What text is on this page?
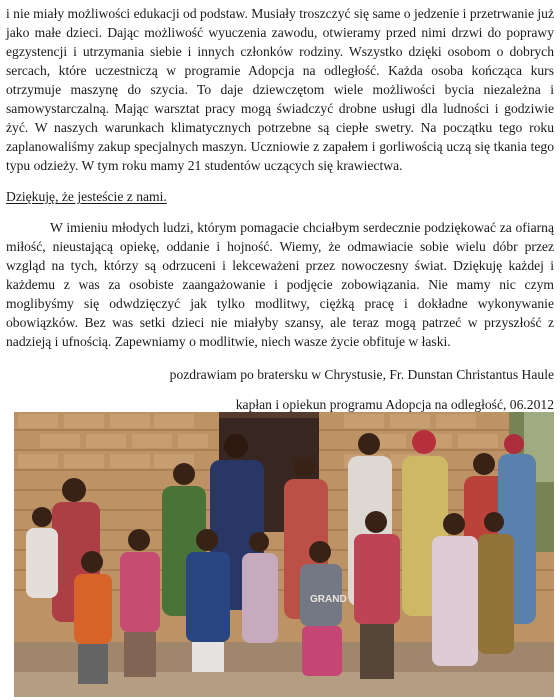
i nie miały możliwości edukacji od podstaw. Musiały troszczyć się same o jedzenie i przetrwanie już jako małe dzieci. Dając możliwość wyuczenia zawodu, otwieramy przed nimi drzwi do poprawy egzystencji i utrzymania siebie i innych członków rodziny. Wszystko dzięki osobom o dobrych sercach, które uczestniczą w programie Adopcja na odległość. Każda osoba kończąca kurs otrzymuje maszynę do szycia. To daje dziewczętom wiele możliwości bycia niezależna i samowystarczalną. Mając warsztat pracy mogą świadczyć drobne usługi dla ludności i godziwie żyć. W naszych warunkach klimatycznych potrzebne są ciepłe swetry. Na początku tego roku zaplanowaliśmy zakup specjalnych maszyn. Uczniowie z zapałem i gorliwością uczą się tkania tego typu odzieży. W tym roku mamy 21 studentów uczących się krawiectwa.

Dziękuję, że jesteście z nami.

W imieniu młodych ludzi, którym pomagacie chciałbym serdecznie podziękować za ofiarną miłość, nieustającą opiekę, oddanie i hojność. Wiemy, że odmawiacie sobie wielu dóbr przez wzgląd na tych, którzy są odrzuceni i lekceważeni przez nowoczesny świat. Dziękuję każdej i każdemu z was za osobiste zaangażowanie i podjęcie zobowiązania. Nie mamy nic czym moglibyśmy się odwdzięczyć jak tylko modlitwy, ciężką pracę i dokładne wykonywanie obowiązków. Bez was setki dzieci nie miałyby szansy, ale teraz mogą patrzeć w przyszłość z nadzieją i ufnością. Zapewniamy o modlitwie, niech wasze życie obfituje w łaski.

pozdrawiam po bratersku w Chrystusie, Fr. Dunstan Christantus Haule

kapłan i opiekun programu Adopcja na odległość, 06.2012

GRAND
